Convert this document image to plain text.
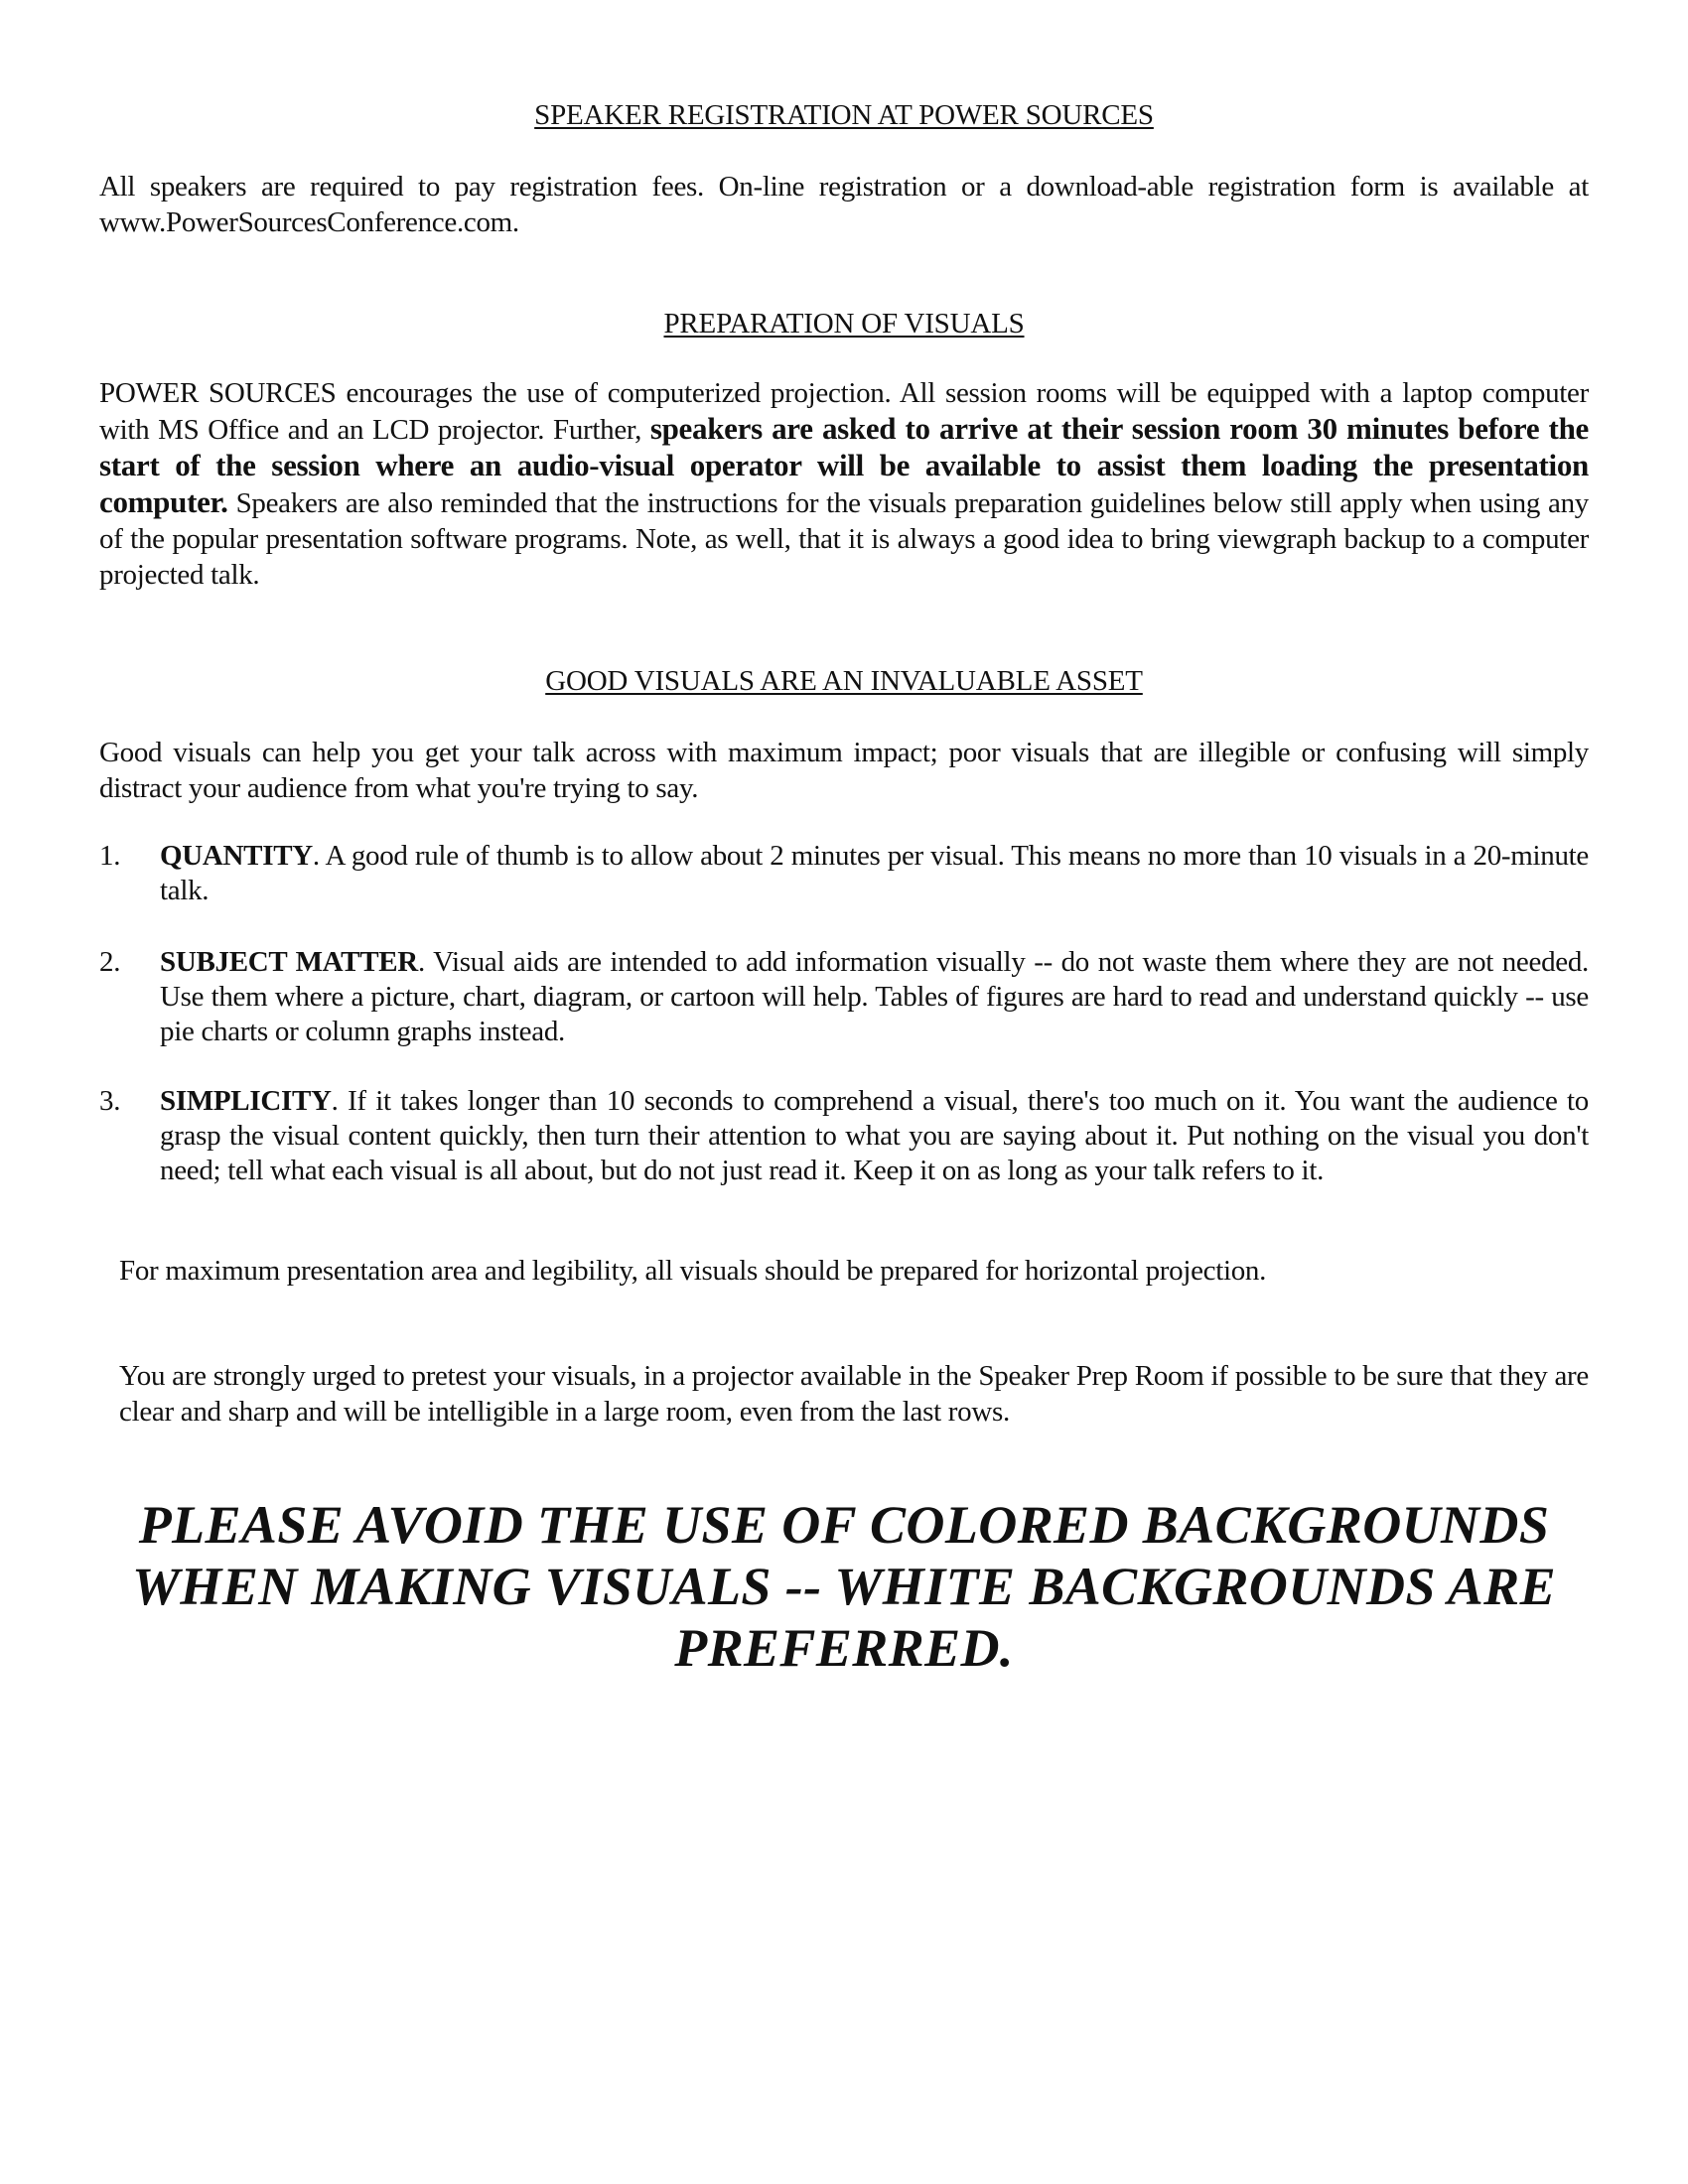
SPEAKER REGISTRATION AT POWER SOURCES
All speakers are required to pay registration fees. On-line registration or a download-able registration form is available at www.PowerSourcesConference.com.
PREPARATION OF VISUALS
POWER SOURCES encourages the use of computerized projection. All session rooms will be equipped with a laptop computer with MS Office and an LCD projector. Further, speakers are asked to arrive at their session room 30 minutes before the start of the session where an audio-visual operator will be available to assist them loading the presentation computer. Speakers are also reminded that the instructions for the visuals preparation guidelines below still apply when using any of the popular presentation software programs. Note, as well, that it is always a good idea to bring viewgraph backup to a computer projected talk.
GOOD VISUALS ARE AN INVALUABLE ASSET
Good visuals can help you get your talk across with maximum impact; poor visuals that are illegible or confusing will simply distract your audience from what you're trying to say.
1.	QUANTITY. A good rule of thumb is to allow about 2 minutes per visual. This means no more than 10 visuals in a 20-minute talk.
2.	SUBJECT MATTER. Visual aids are intended to add information visually -- do not waste them where they are not needed. Use them where a picture, chart, diagram, or cartoon will help. Tables of figures are hard to read and understand quickly -- use pie charts or column graphs instead.
3.	SIMPLICITY. If it takes longer than 10 seconds to comprehend a visual, there's too much on it. You want the audience to grasp the visual content quickly, then turn their attention to what you are saying about it. Put nothing on the visual you don't need; tell what each visual is all about, but do not just read it. Keep it on as long as your talk refers to it.
For maximum presentation area and legibility, all visuals should be prepared for horizontal projection.
You are strongly urged to pretest your visuals, in a projector available in the Speaker Prep Room if possible to be sure that they are clear and sharp and will be intelligible in a large room, even from the last rows.
PLEASE AVOID THE USE OF COLORED BACKGROUNDS WHEN MAKING VISUALS -- WHITE BACKGROUNDS ARE PREFERRED.
